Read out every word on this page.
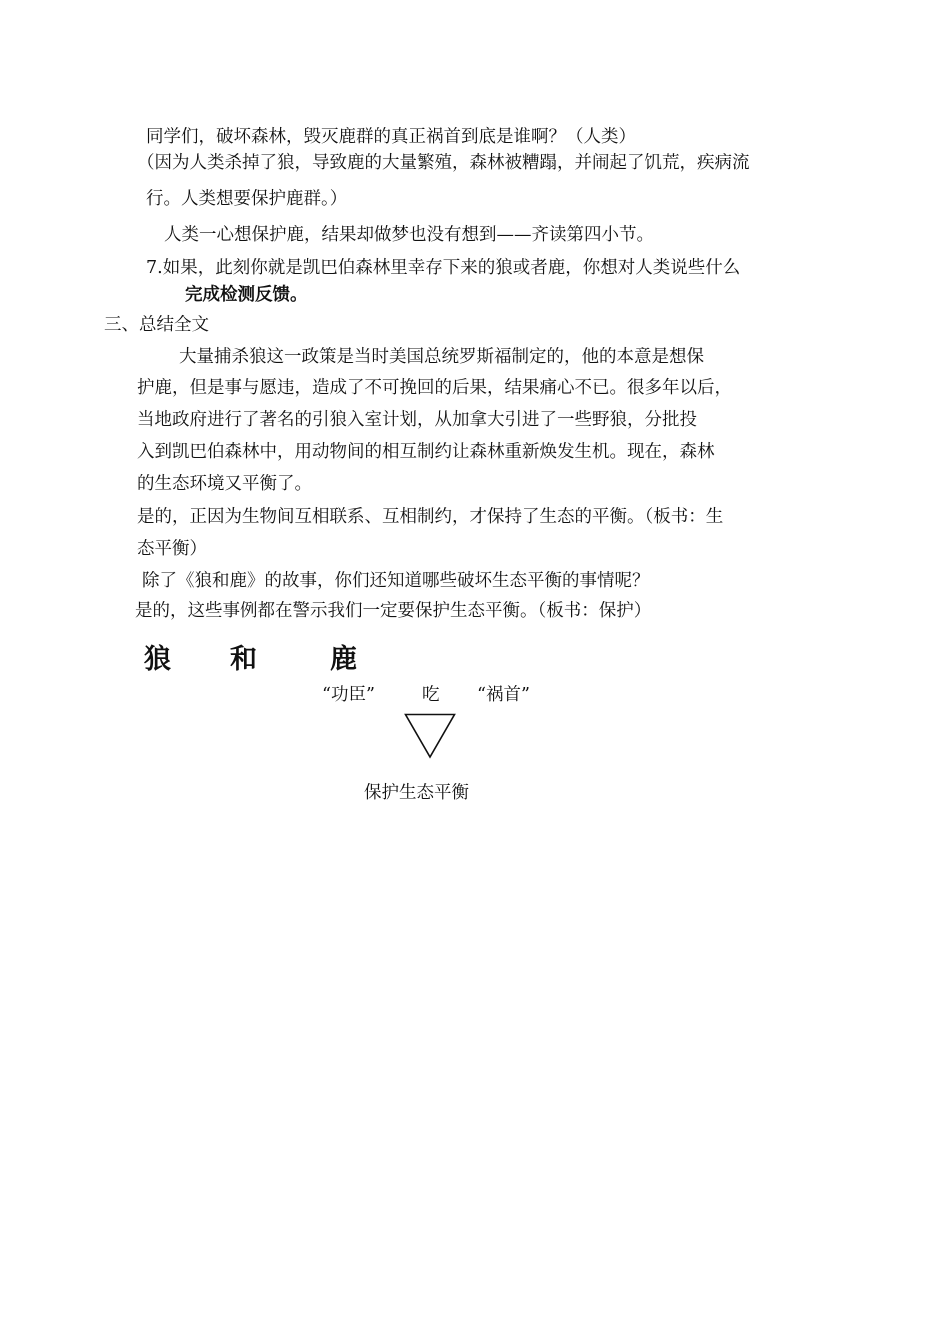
同学们，破坏森林，毁灭鹿群的真正祸首到底是谁啊？（人类）
（因为人类杀掉了狼，导致鹿的大量繁殖，森林被糟蹋，并闹起了饥荒，疾病流
行。人类想要保护鹿群。）
人类一心想保护鹿，结果却做梦也没有想到——齐读第四小节。
7.如果，此刻你就是凯巴伯森林里幸存下来的狼或者鹿，你想对人类说些什么
完成检测反馈。
三、总结全文
大量捕杀狼这一政策是当时美国总统罗斯福制定的，他的本意是想保
护鹿，但是事与愿违，造成了不可挽回的后果，结果痛心不已。很多年以后，
当地政府进行了著名的引狼入室计划，从加拿大引进了一些野狼，分批投
入到凯巴伯森林中，用动物间的相互制约让森林重新焕发生机。现在，森林
的生态环境又平衡了。
是的，正因为生物间互相联系、互相制约，才保持了生态的平衡。（板书：生
态平衡）
除了《狼和鹿》的故事，你们还知道哪些破坏生态平衡的事情呢？
是的，这些事例都在警示我们一定要保护生态平衡。（板书：保护）
狼 和	鹿
“功臣”	吃 “祸首”
保护生态平衡
